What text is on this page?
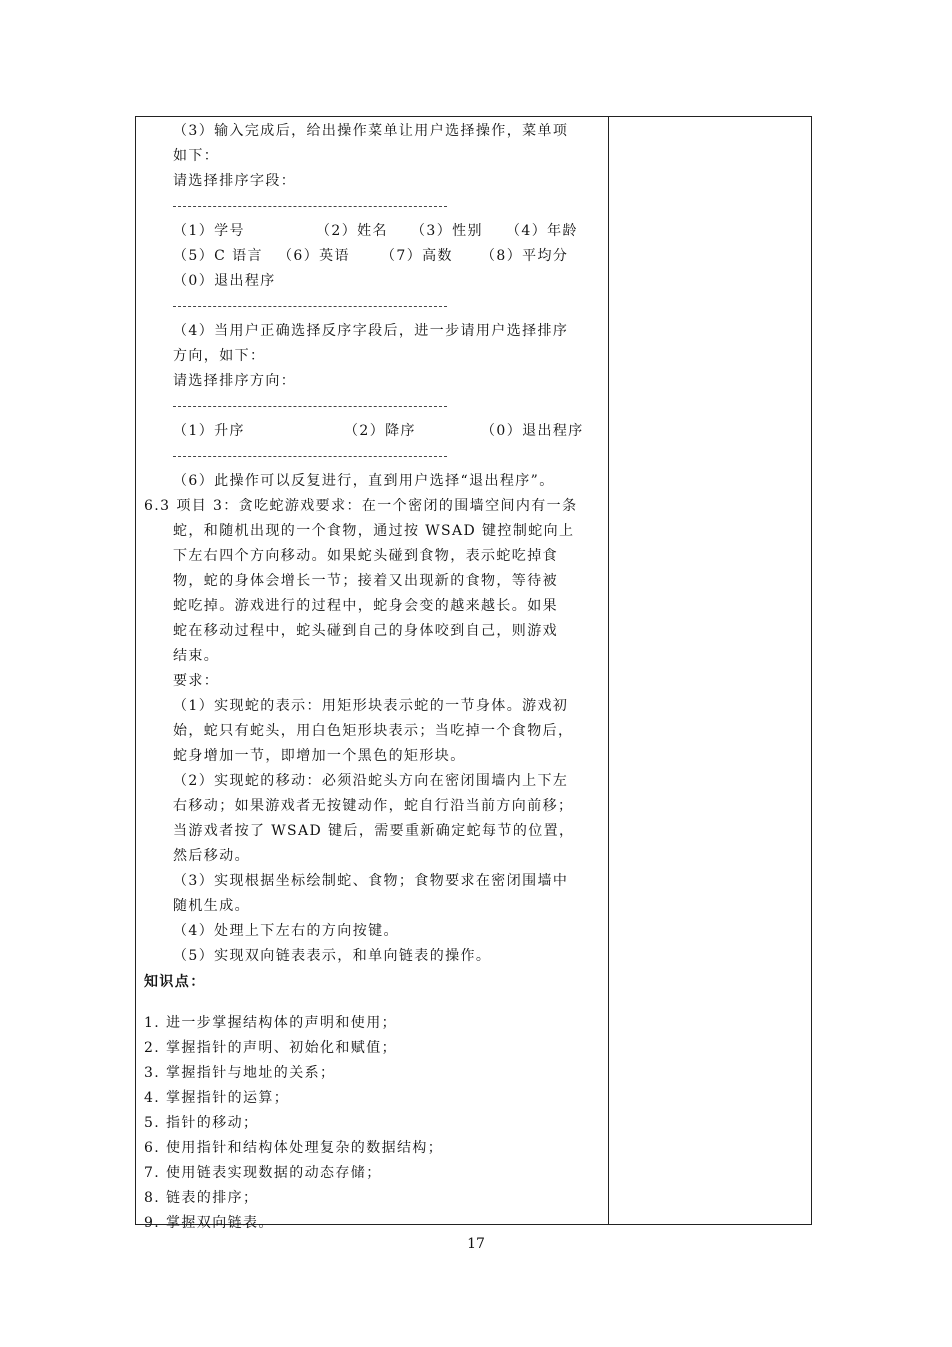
（3）输入完成后，给出操作菜单让用户选择操作，菜单项
如下：
请选择排序字段：
（1）学号	（2）姓名 （3）性别 （4）年龄
（5）C 语言 （6）英语 （7）高数 （8）平均分
（0）退出程序
（4）当用户正确选择反序字段后，进一步请用户选择排序
方向，如下：
请选择排序方向：
（1）升序	（2）降序	（0）退出程序
（6）此操作可以反复进行，直到用户选择“退出程序”。
6.3 项目 3：贪吃蛇游戏要求：在一个密闭的围墙空间内有一条
蛇，和随机出现的一个食物，通过按 WSAD 键控制蛇向上
下左右四个方向移动。如果蛇头碰到食物，表示蛇吃掉食
物，蛇的身体会增长一节；接着又出现新的食物，等待被
蛇吃掉。游戏进行的过程中，蛇身会变的越来越长。如果
蛇在移动过程中，蛇头碰到自己的身体咬到自己，则游戏
结束。
要求：
（1）实现蛇的表示：用矩形块表示蛇的一节身体。游戏初
始，蛇只有蛇头，用白色矩形块表示；当吃掉一个食物后，
蛇身增加一节，即增加一个黑色的矩形块。
（2）实现蛇的移动：必须沿蛇头方向在密闭围墙内上下左
右移动；如果游戏者无按键动作，蛇自行沿当前方向前移；
当游戏者按了 WSAD 键后，需要重新确定蛇每节的位置，
然后移动。
（3）实现根据坐标绘制蛇、食物；食物要求在密闭围墙中
随机生成。
（4）处理上下左右的方向按键。
（5）实现双向链表表示，和单向链表的操作。
知识点：
1. 进一步掌握结构体的声明和使用；
2. 掌握指针的声明、初始化和赋值；
3. 掌握指针与地址的关系；
4. 掌握指针的运算；
5. 指针的移动；
6. 使用指针和结构体处理复杂的数据结构；
7. 使用链表实现数据的动态存储；
8. 链表的排序；
9. 掌握双向链表。
17
